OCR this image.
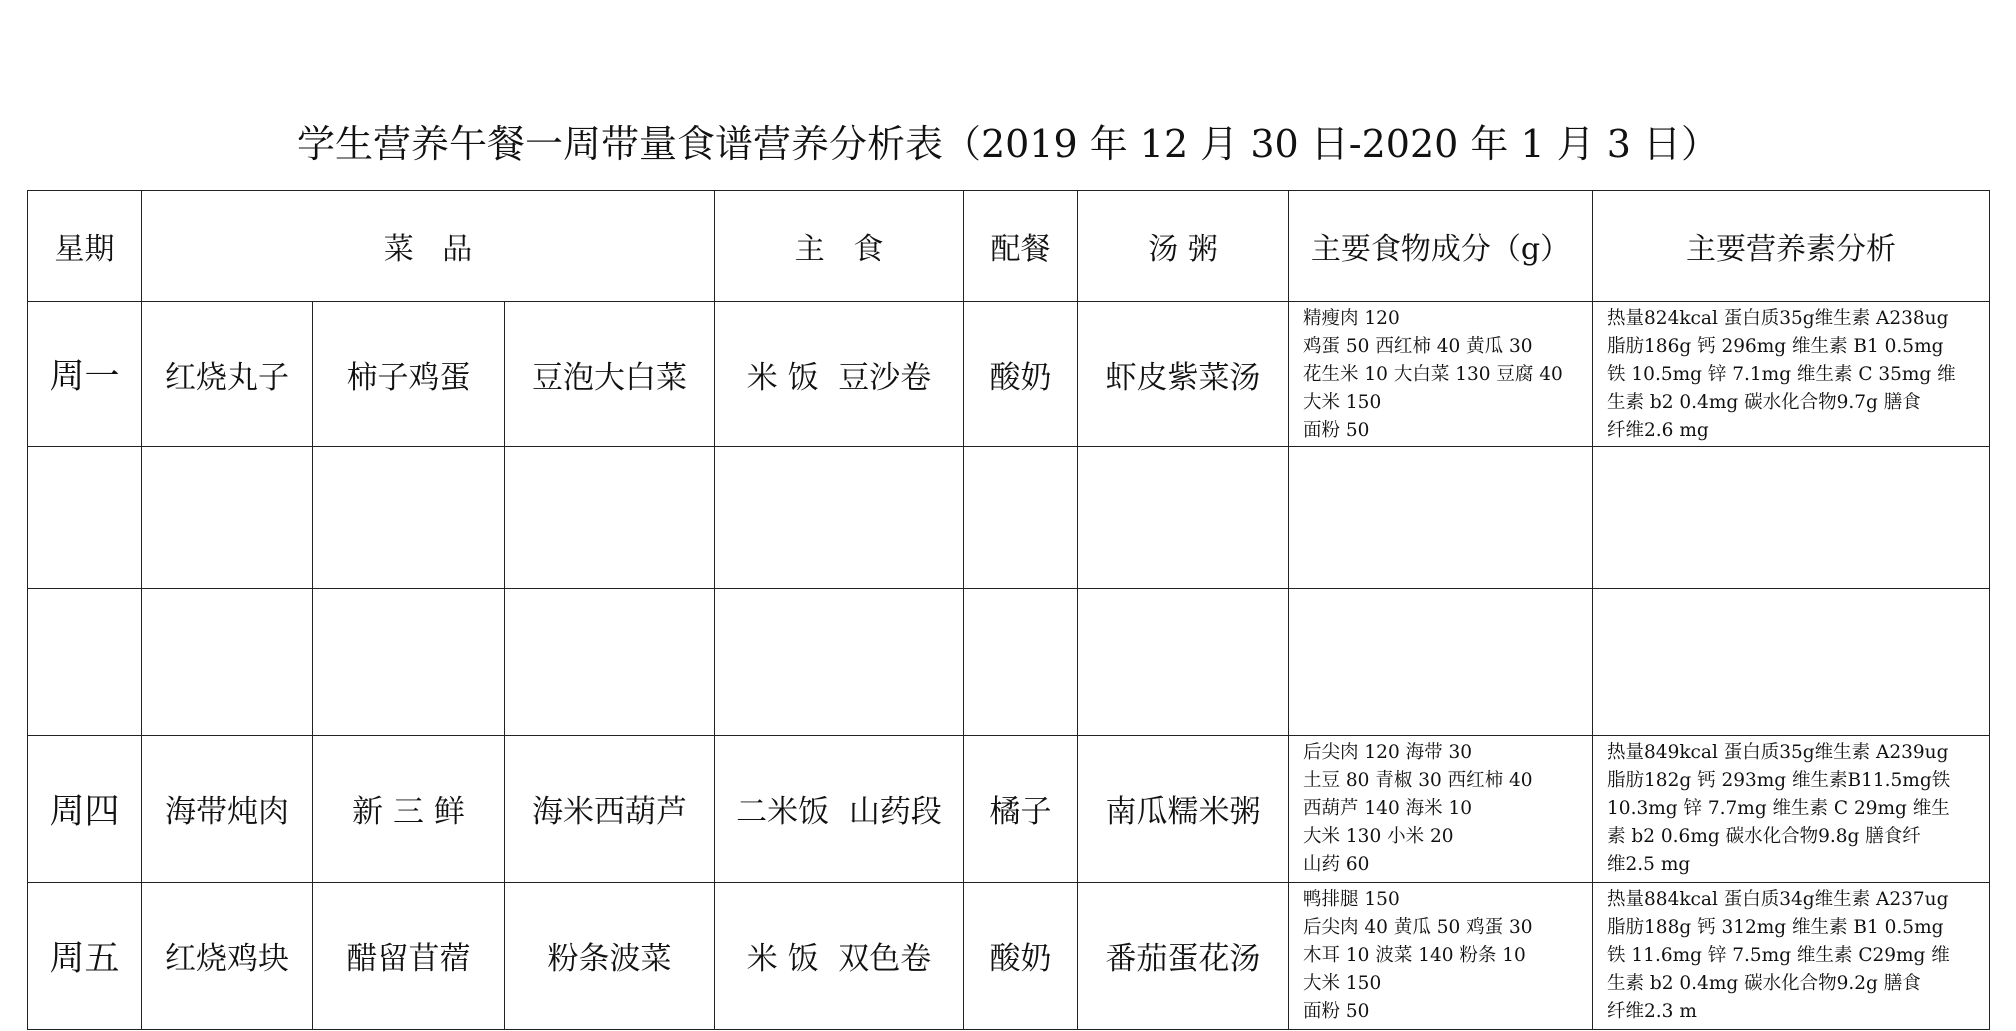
学生营养午餐一周带量食谱营养分析表（2019 年 12 月 30 日-2020 年 1 月 3 日）
星期	菜   品			主   食	配餐	汤 粥	主要食物成分（g）	主要营养素分析
周一	红烧丸子	柿子鸡蛋	豆泡大白菜	米 饭  豆沙卷	酸奶	虾皮紫菜汤	精瘦肉 120
鸡蛋 50 西红柿 40 黄瓜 30
花生米 10 大白菜 130 豆腐 40
大米 150
面粉 50	热量824kcal 蛋白质35g维生素 A238ug
脂肪186g 钙 296mg 维生素 B1 0.5mg
铁 10.5mg 锌 7.1mg 维生素 C 35mg 维
生素 b2 0.4mg 碳水化合物9.7g 膳食
纤维2.6 mg

周四	海带炖肉	新 三 鲜	海米西葫芦	二米饭  山药段	橘子	南瓜糯米粥	后尖肉 120 海带 30
土豆 80 青椒 30 西红柿 40
西葫芦 140 海米 10
大米 130 小米 20
山药 60	热量849kcal 蛋白质35g维生素 A239ug
脂肪182g 钙 293mg 维生素B11.5mg铁
10.3mg 锌 7.7mg 维生素 C 29mg 维生
素 b2 0.6mg 碳水化合物9.8g 膳食纤
维2.5 mg
周五	红烧鸡块	醋留苜蓿	粉条波菜	米 饭  双色卷	酸奶	番茄蛋花汤	鸭排腿 150
后尖肉 40 黄瓜 50 鸡蛋 30
木耳 10 波菜 140 粉条 10
大米 150
面粉 50	热量884kcal 蛋白质34g维生素 A237ug
脂肪188g 钙 312mg 维生素 B1 0.5mg
铁 11.6mg 锌 7.5mg 维生素 C29mg 维
生素 b2 0.4mg 碳水化合物9.2g 膳食
纤维2.3 m
